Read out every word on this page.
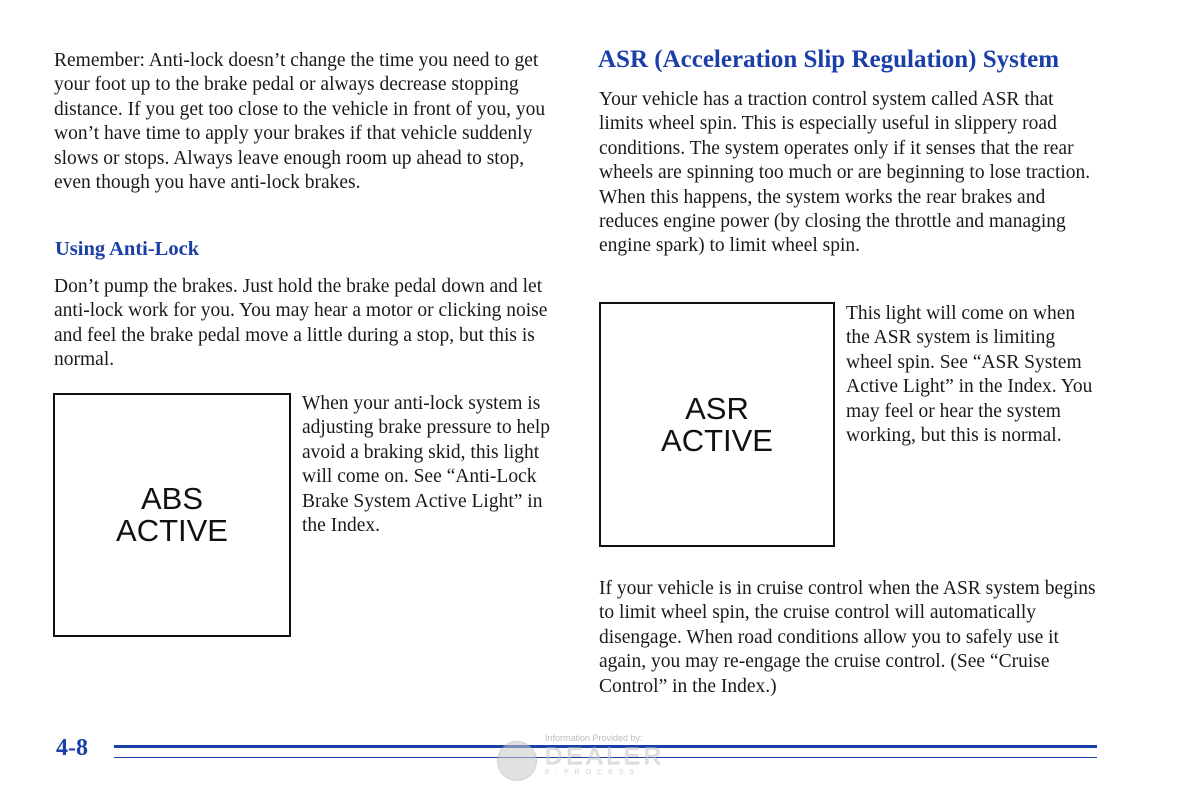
Remember: Anti-lock doesn’t change the time you need to get your foot up to the brake pedal or always decrease stopping distance. If you get too close to the vehicle in front of you, you won’t have time to apply your brakes if that vehicle suddenly slows or stops. Always leave enough room up ahead to stop, even though you have anti-lock brakes.

Using Anti-Lock

Don’t pump the brakes. Just hold the brake pedal down and let anti-lock work for you. You may hear a motor or clicking noise and feel the brake pedal move a little during a stop, but this is normal.

ABS
ACTIVE

When your anti-lock system is adjusting brake pressure to help avoid a braking skid, this light will come on. See “Anti-Lock Brake System Active Light” in the Index.

ASR (Acceleration Slip Regulation) System

Your vehicle has a traction control system called ASR that limits wheel spin. This is especially useful in slippery road conditions. The system operates only if it senses that the rear wheels are spinning too much or are beginning to lose traction. When this happens, the system works the rear brakes and reduces engine power (by closing the throttle and managing engine spark) to limit wheel spin.

ASR
ACTIVE

This light will come on when the ASR system is limiting wheel spin. See “ASR System Active Light” in the Index. You may feel or hear the system working, but this is normal.

If your vehicle is in cruise control when the ASR system begins to limit wheel spin, the cruise control will automatically disengage. When road conditions allow you to safely use it again, you may re-engage the cruise control. (See “Cruise Control” in the Index.)

4-8	Information Provided by:
DEALER
E-PROCESS
